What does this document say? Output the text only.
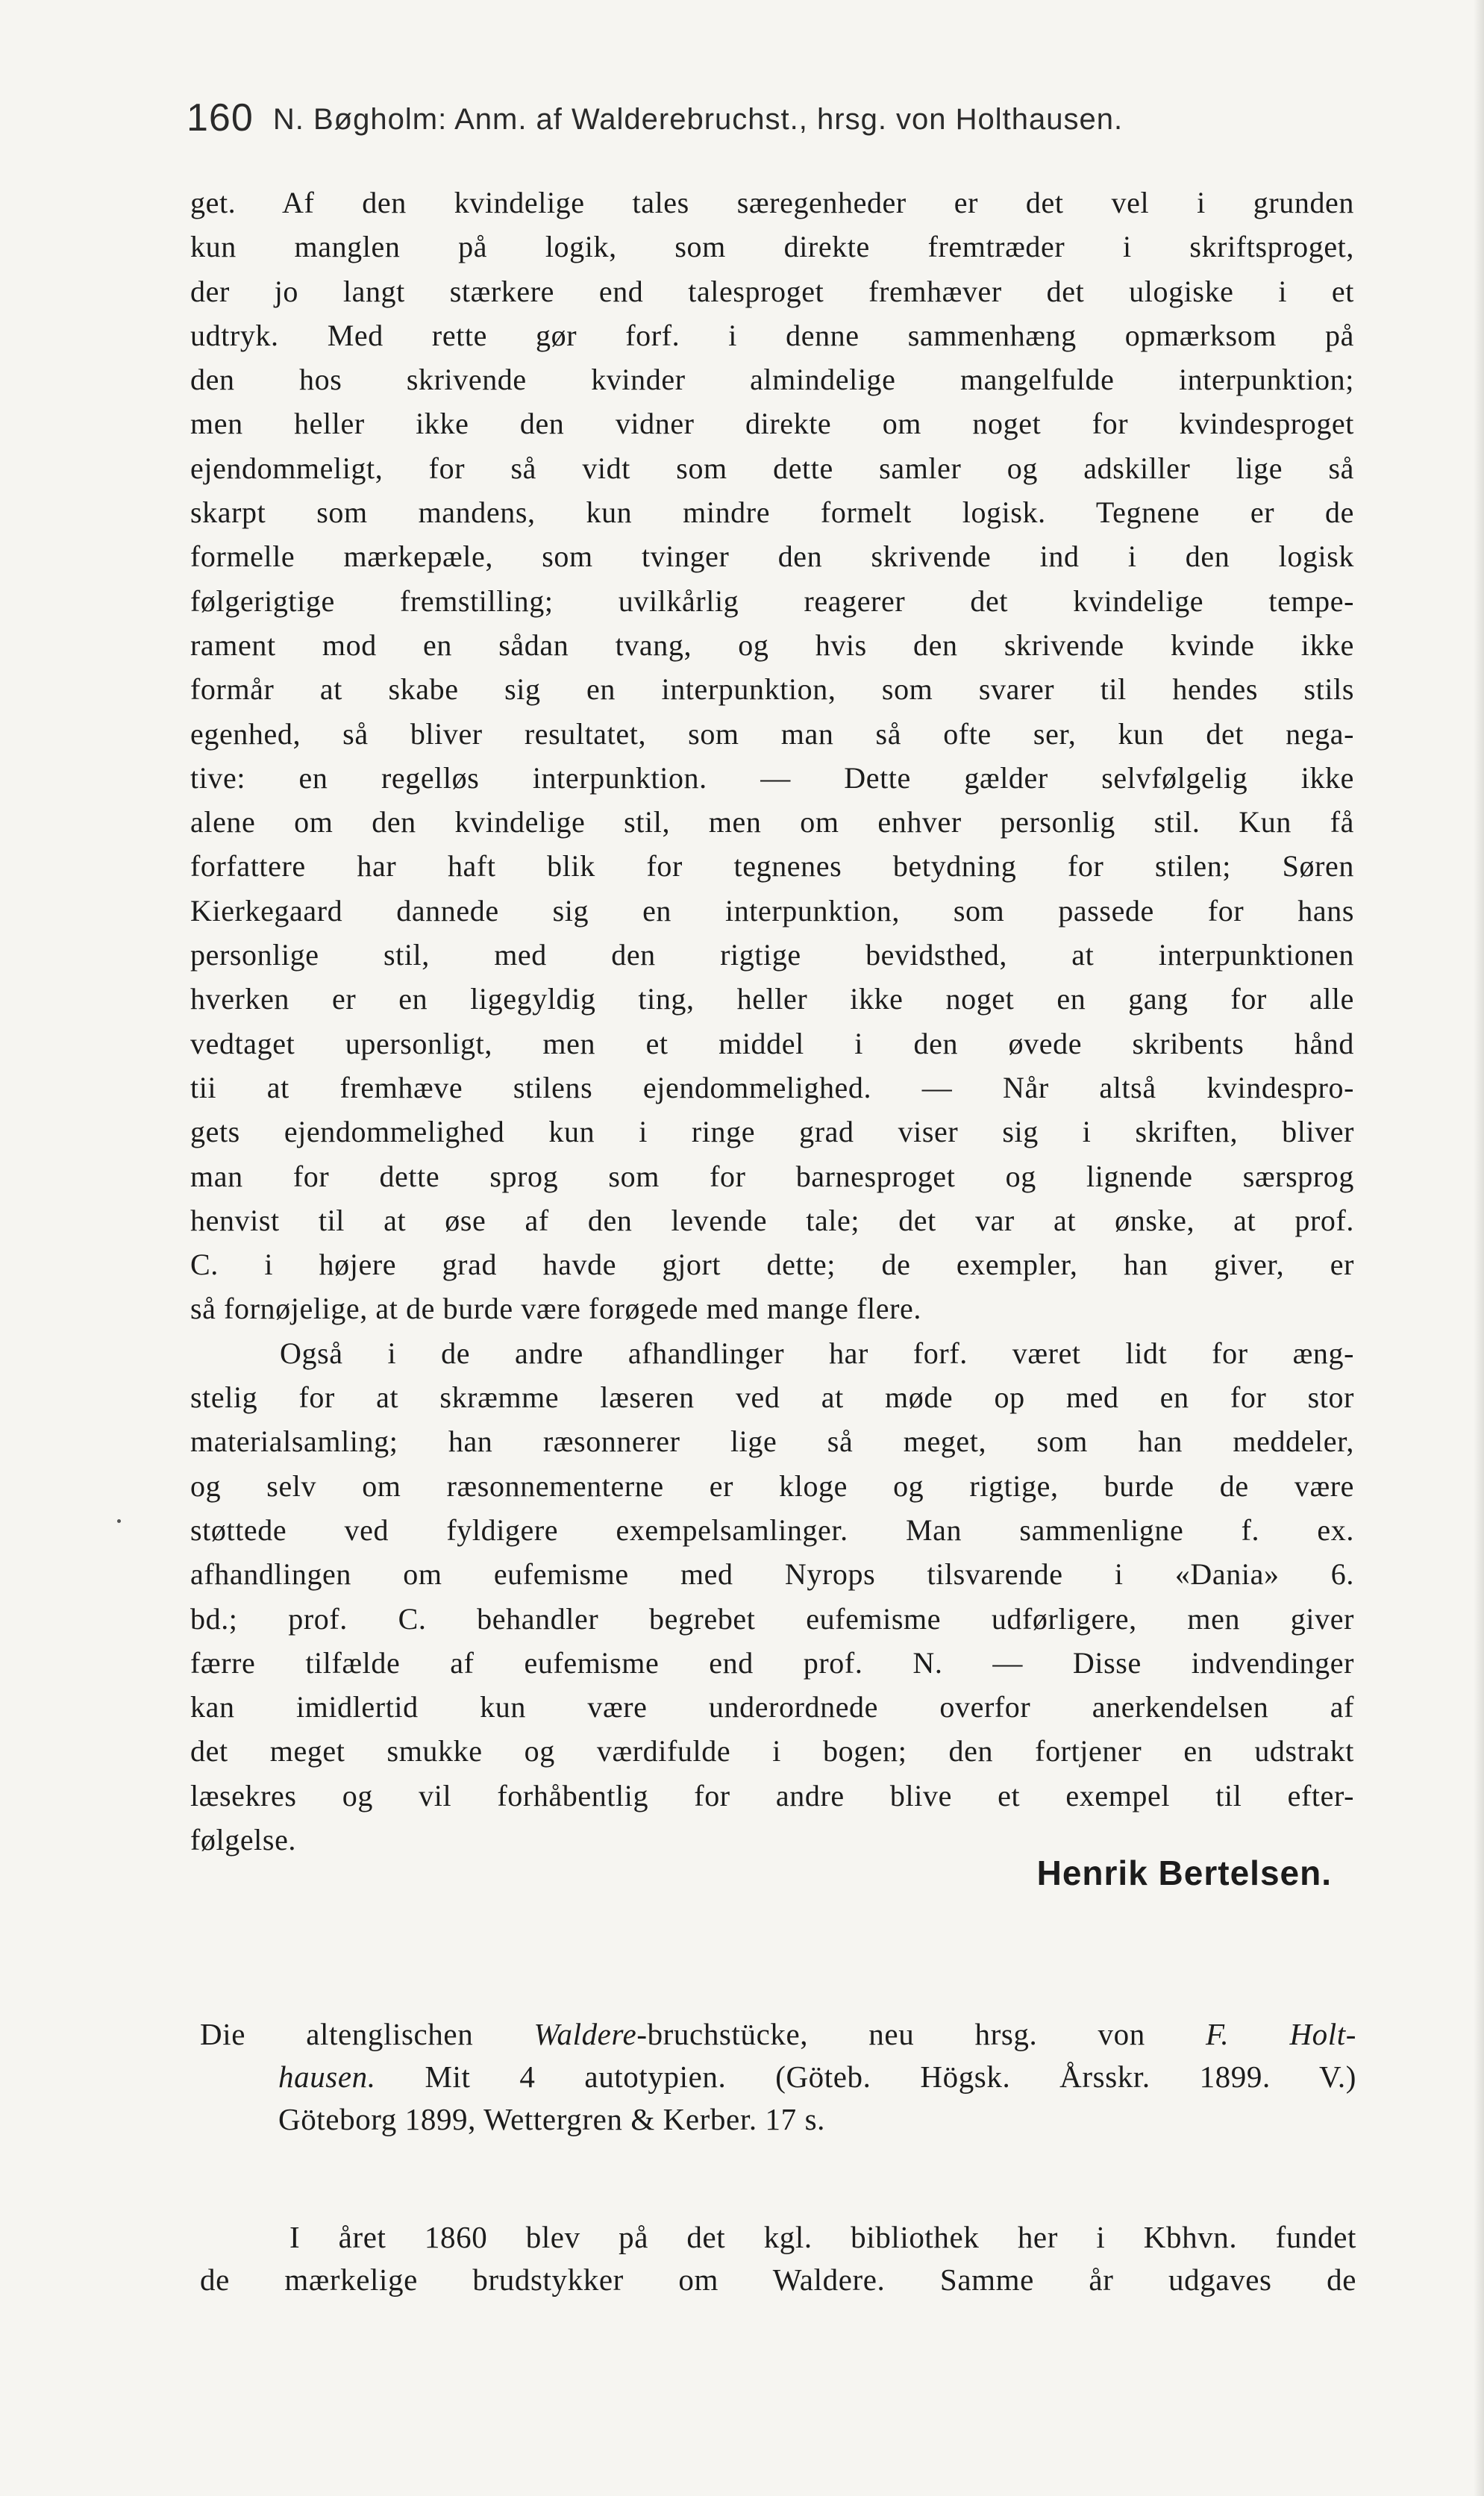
160 N. Bøgholm: Anm. af Walderebruchst., hrsg. von Holthausen.
get. Af den kvindelige tales særegenheder er det vel i grunden
kun manglen på logik, som direkte fremtræder i skriftsproget,
der jo langt stærkere end talesproget fremhæver det ulogiske i et
udtryk. Med rette gør forf. i denne sammenhæng opmærksom på
den hos skrivende kvinder almindelige mangelfulde interpunktion;
men heller ikke den vidner direkte om noget for kvindesproget
ejendommeligt, for så vidt som dette samler og adskiller lige så
skarpt som mandens, kun mindre formelt logisk. Tegnene er de
formelle mærkepæle, som tvinger den skrivende ind i den logisk
følgerigtige fremstilling; uvilkårlig reagerer det kvindelige tempe-
rament mod en sådan tvang, og hvis den skrivende kvinde ikke
formår at skabe sig en interpunktion, som svarer til hendes stils
egenhed, så bliver resultatet, som man så ofte ser, kun det nega-
tive: en regelløs interpunktion. — Dette gælder selvfølgelig ikke
alene om den kvindelige stil, men om enhver personlig stil. Kun få
forfattere har haft blik for tegnenes betydning for stilen; Søren
Kierkegaard dannede sig en interpunktion, som passede for hans
personlige stil, med den rigtige bevidsthed, at interpunktionen
hverken er en ligegyldig ting, heller ikke noget en gang for alle
vedtaget upersonligt, men et middel i den øvede skribents hånd
tii at fremhæve stilens ejendommelighed. — Når altså kvindespro-
gets ejendommelighed kun i ringe grad viser sig i skriften, bliver
man for dette sprog som for barnesproget og lignende særsprog
henvist til at øse af den levende tale; det var at ønske, at prof.
C. i højere grad havde gjort dette; de exempler, han giver, er
så fornøjelige, at de burde være forøgede med mange flere.
Også i de andre afhandlinger har forf. været lidt for æng-
stelig for at skræmme læseren ved at møde op med en for stor
materialsamling; han ræsonnerer lige så meget, som han meddeler,
og selv om ræsonnementerne er kloge og rigtige, burde de være
støttede ved fyldigere exempelsamlinger. Man sammenligne f. ex.
afhandlingen om eufemisme med Nyrops tilsvarende i «Dania» 6.
bd.; prof. C. behandler begrebet eufemisme udførligere, men giver
færre tilfælde af eufemisme end prof. N. — Disse indvendinger
kan imidlertid kun være underordnede overfor anerkendelsen af
det meget smukke og værdifulde i bogen; den fortjener en udstrakt
læsekres og vil forhåbentlig for andre blive et exempel til efter-
følgelse.
Henrik Bertelsen.
Die altenglischen Waldere-bruchstücke, neu hrsg. von F. Holt-
hausen. Mit 4 autotypien. (Göteb. Högsk. Årsskr. 1899. V.)
Göteborg 1899, Wettergren & Kerber. 17 s.
I året 1860 blev på det kgl. bibliothek her i Kbhvn. fundet
de mærkelige brudstykker om Waldere. Samme år udgaves de
